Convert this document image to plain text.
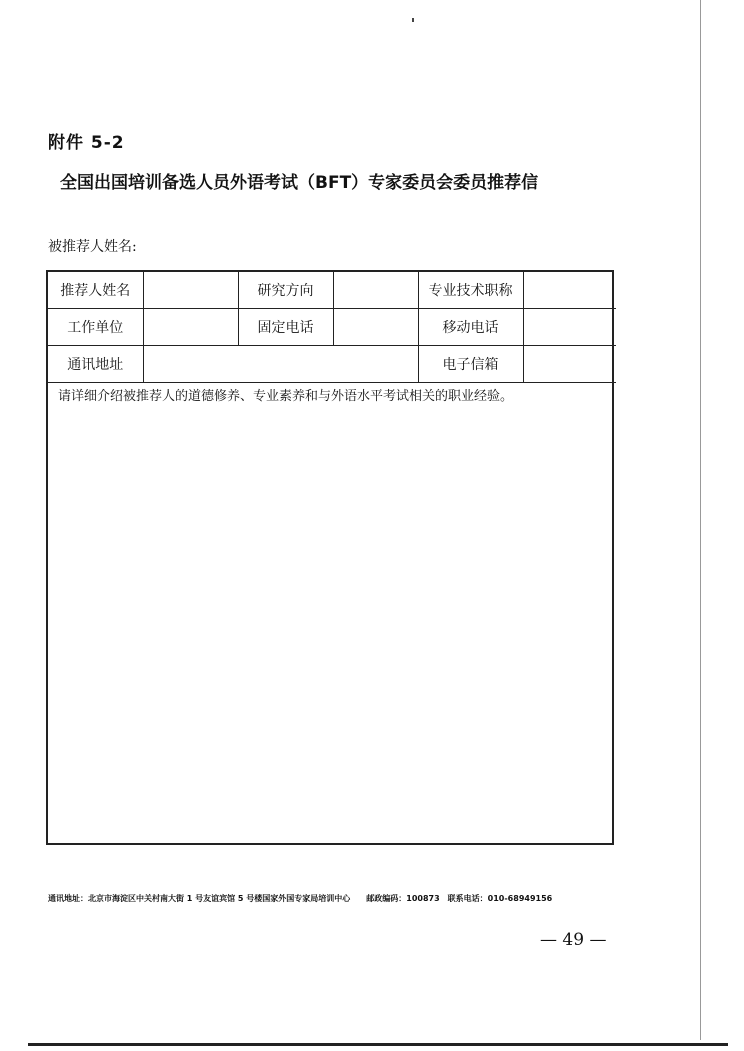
附件 5-2
全国出国培训备选人员外语考试（BFT）专家委员会委员推荐信
被推荐人姓名:
推荐人姓名		研究方向		专业技术职称	
工作单位		固定电话		移动电话	
通讯地址				电子信箱	
请详细介绍被推荐人的道德修养、专业素养和与外语水平考试相关的职业经验。
通讯地址：北京市海淀区中关村南大街 1 号友谊宾馆 5 号楼国家外国专家局培训中心　　邮政编码：100873　联系电话：010-68949156
— 49 —
